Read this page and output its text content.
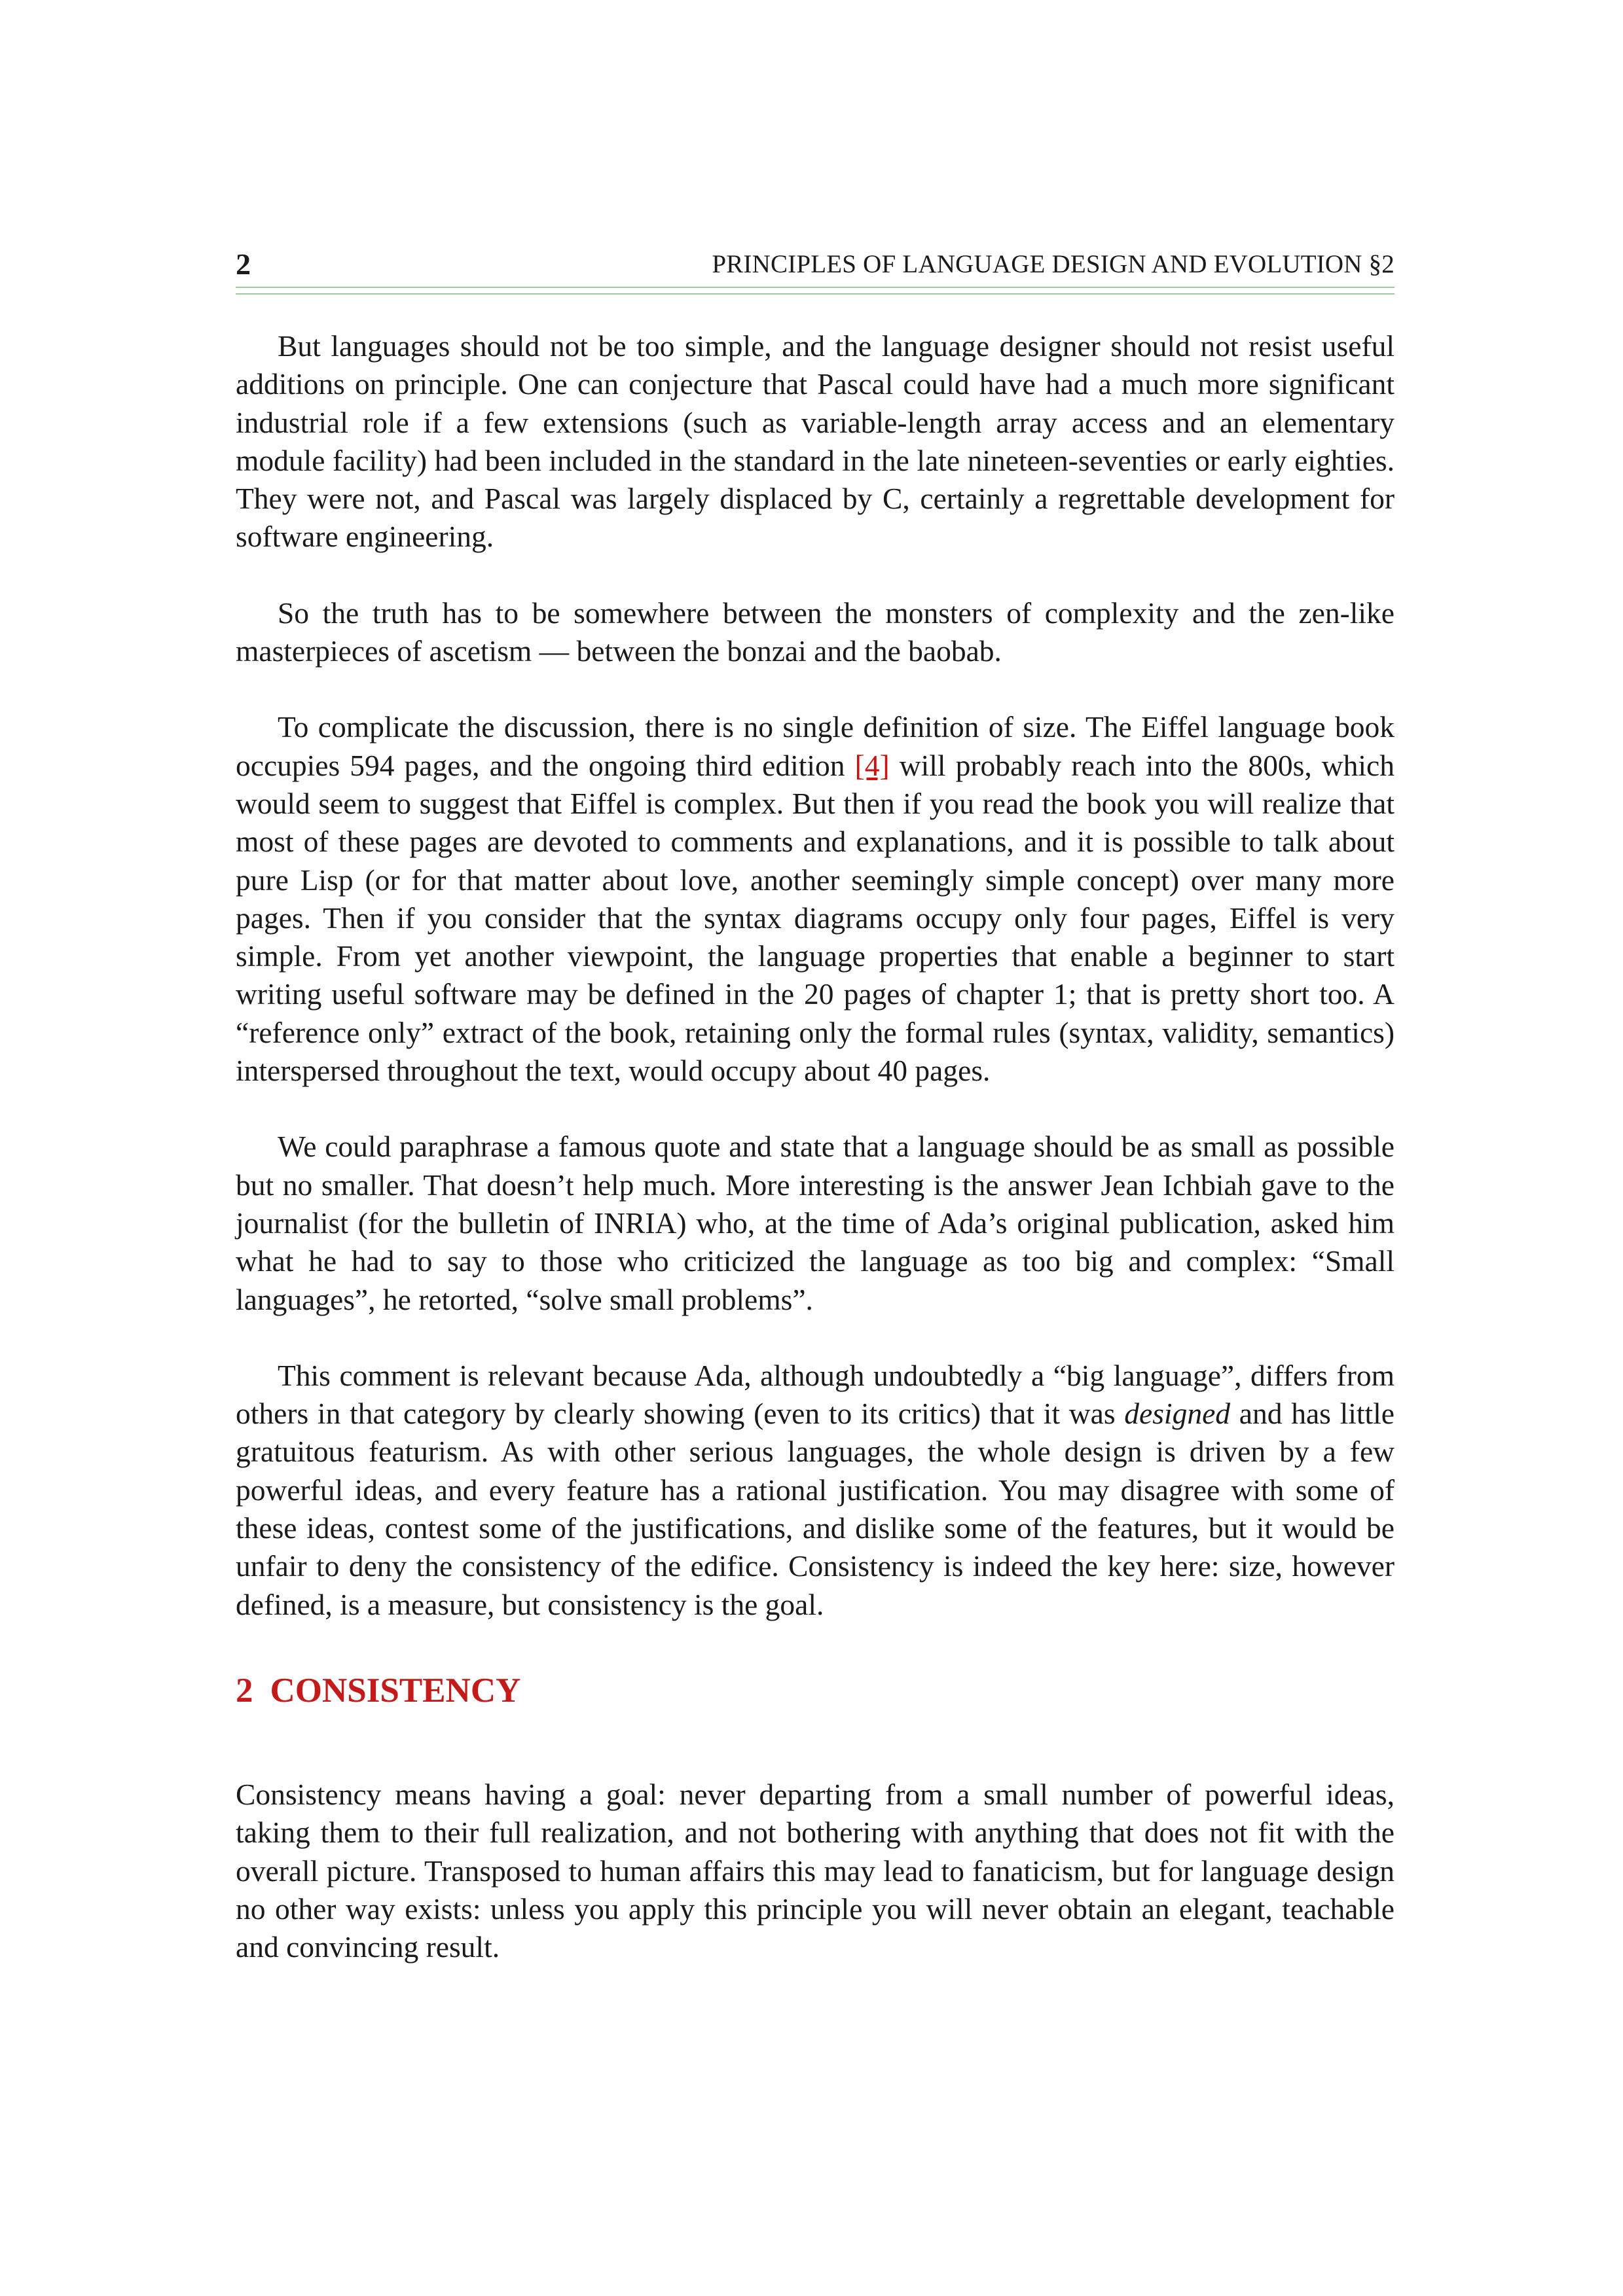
2	PRINCIPLES OF LANGUAGE DESIGN AND EVOLUTION §2

But languages should not be too simple, and the language designer should not resist useful additions on principle. One can conjecture that Pascal could have had a much more significant industrial role if a few extensions (such as variable-length array access and an elementary module facility) had been included in the standard in the late nineteen-seventies or early eighties. They were not, and Pascal was largely displaced by C, certainly a regrettable development for software engineering.

So the truth has to be somewhere between the monsters of complexity and the zen-like masterpieces of ascetism — between the bonzai and the baobab.

To complicate the discussion, there is no single definition of size. The Eiffel language book occupies 594 pages, and the ongoing third edition [4] will probably reach into the 800s, which would seem to suggest that Eiffel is complex. But then if you read the book you will realize that most of these pages are devoted to comments and explanations, and it is possible to talk about pure Lisp (or for that matter about love, another seemingly simple concept) over many more pages. Then if you consider that the syntax diagrams occupy only four pages, Eiffel is very simple. From yet another viewpoint, the language properties that enable a beginner to start writing useful software may be defined in the 20 pages of chapter 1; that is pretty short too. A “reference only” extract of the book, retaining only the formal rules (syntax, validity, semantics) interspersed throughout the text, would occupy about 40 pages.

We could paraphrase a famous quote and state that a language should be as small as possible but no smaller. That doesn’t help much. More interesting is the answer Jean Ichbiah gave to the journalist (for the bulletin of INRIA) who, at the time of Ada’s original publication, asked him what he had to say to those who criticized the language as too big and complex: “Small languages”, he retorted, “solve small problems”.

This comment is relevant because Ada, although undoubtedly a “big language”, differs from others in that category by clearly showing (even to its critics) that it was designed and has little gratuitous featurism. As with other serious languages, the whole design is driven by a few powerful ideas, and every feature has a rational justification. You may disagree with some of these ideas, contest some of the justifications, and dislike some of the features, but it would be unfair to deny the consistency of the edifice. Consistency is indeed the key here: size, however defined, is a measure, but consistency is the goal.

2 CONSISTENCY

Consistency means having a goal: never departing from a small number of powerful ideas, taking them to their full realization, and not bothering with anything that does not fit with the overall picture. Transposed to human affairs this may lead to fanaticism, but for language design no other way exists: unless you apply this principle you will never obtain an elegant, teachable and convincing result.
